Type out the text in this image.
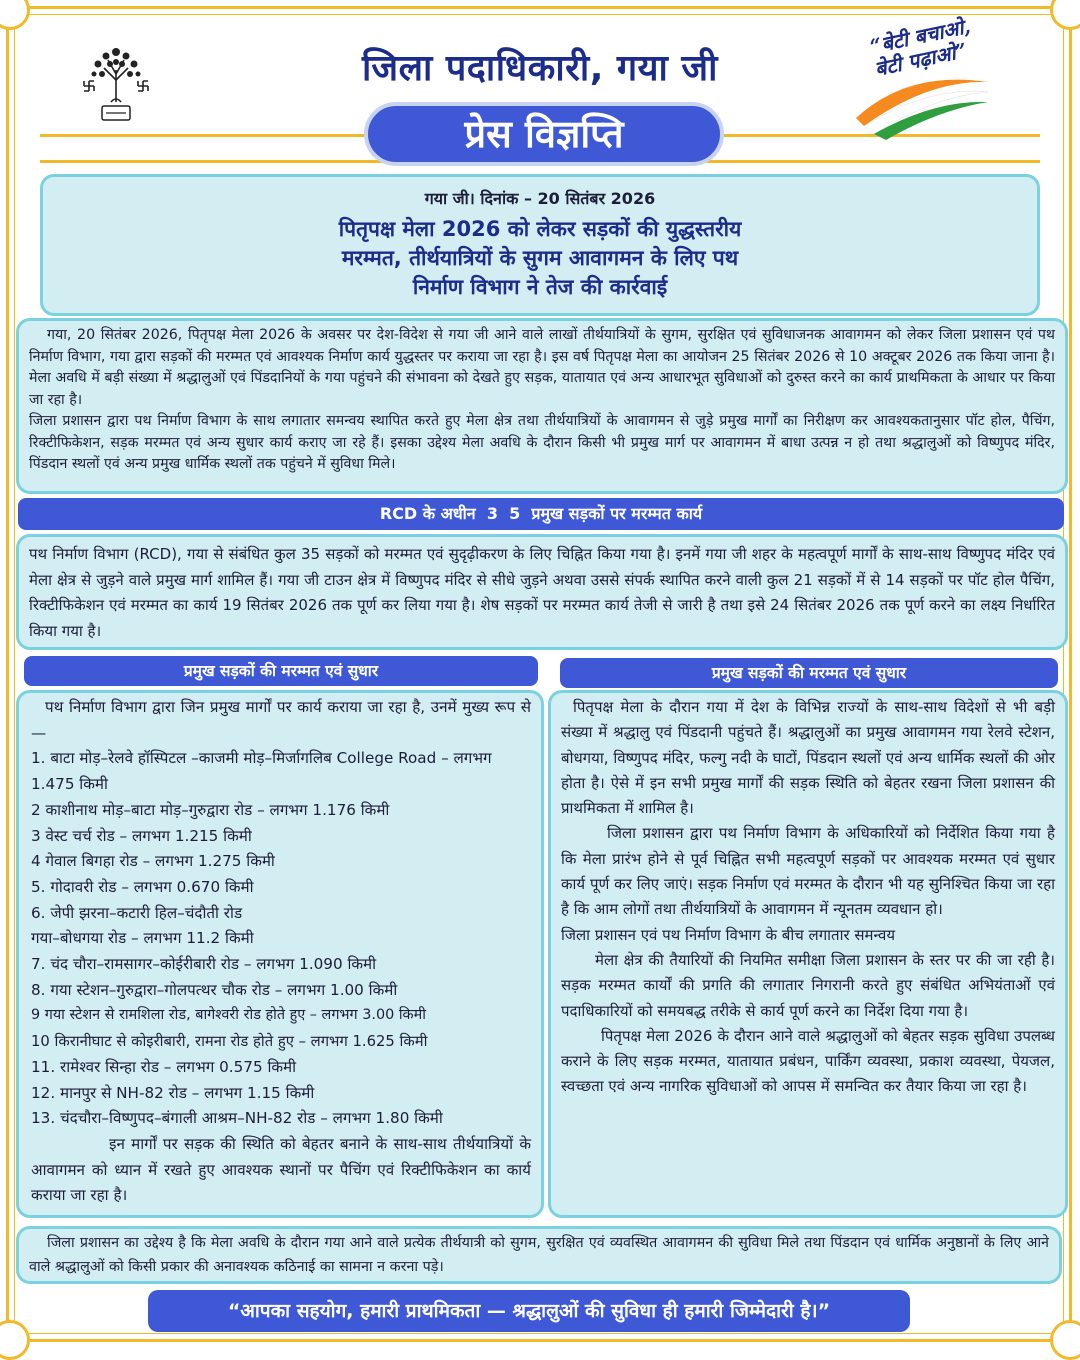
जिला पदाधिकारी, गया जी
प्रेस विज्ञप्ति
“बेटी बचाओ,
बेटी पढ़ाओ”
गया जी। दिनांक – 20 सितंबर 2026
पितृपक्ष मेला 2026 को लेकर सड़कों की युद्धस्तरीय
मरम्मत, तीर्थयात्रियों के सुगम आवागमन के लिए पथ
निर्माण विभाग ने तेज की कार्रवाई

गया, 20 सितंबर 2026, पितृपक्ष मेला 2026 के अवसर पर देश-विदेश से गया जी आने वाले लाखों तीर्थयात्रियों के सुगम, सुरक्षित एवं सुविधाजनक आवागमन को लेकर जिला प्रशासन एवं पथ निर्माण विभाग, गया द्वारा सड़कों की मरम्मत एवं आवश्यक निर्माण कार्य युद्धस्तर पर कराया जा रहा है। इस वर्ष पितृपक्ष मेला का आयोजन 25 सितंबर 2026 से 10 अक्टूबर 2026 तक किया जाना है। मेला अवधि में बड़ी संख्या में श्रद्धालुओं एवं पिंडदानियों के गया पहुंचने की संभावना को देखते हुए सड़क, यातायात एवं अन्य आधारभूत सुविधाओं को दुरुस्त करने का कार्य प्राथमिकता के आधार पर किया जा रहा है।

जिला प्रशासन द्वारा पथ निर्माण विभाग के साथ लगातार समन्वय स्थापित करते हुए मेला क्षेत्र तथा तीर्थयात्रियों के आवागमन से जुड़े प्रमुख मार्गों का निरीक्षण कर आवश्यकतानुसार पॉट होल, पैचिंग, रिक्टीफिकेशन, सड़क मरम्मत एवं अन्य सुधार कार्य कराए जा रहे हैं। इसका उद्देश्य मेला अवधि के दौरान किसी भी प्रमुख मार्ग पर आवागमन में बाधा उत्पन्न न हो तथा श्रद्धालुओं को विष्णुपद मंदिर, पिंडदान स्थलों एवं अन्य प्रमुख धार्मिक स्थलों तक पहुंचने में सुविधा मिले।

RCD के अधीन  3  5  प्रमुख सड़कों पर मरम्मत कार्य

पथ निर्माण विभाग (RCD), गया से संबंधित कुल 35 सड़कों को मरम्मत एवं सुदृढ़ीकरण के लिए चिह्नित किया गया है। इनमें गया जी शहर के महत्वपूर्ण मार्गों के साथ-साथ विष्णुपद मंदिर एवं मेला क्षेत्र से जुड़ने वाले प्रमुख मार्ग शामिल हैं। गया जी टाउन क्षेत्र में विष्णुपद मंदिर से सीधे जुड़ने अथवा उससे संपर्क स्थापित करने वाली कुल 21 सड़कों में से 14 सड़कों पर पॉट होल पैचिंग, रिक्टीफिकेशन एवं मरम्मत का कार्य 19 सितंबर 2026 तक पूर्ण कर लिया गया है। शेष सड़कों पर मरम्मत कार्य तेजी से जारी है तथा इसे 24 सितंबर 2026 तक पूर्ण करने का लक्ष्य निर्धारित किया गया है।

प्रमुख सड़कों की मरम्मत एवं सुधार

पथ निर्माण विभाग द्वारा जिन प्रमुख मार्गों पर कार्य कराया जा रहा है, उनमें मुख्य रूप से—

1. बाटा मोड़–रेलवे हॉस्पिटल –काजमी मोड़–मिर्जागलिब College Road – लगभग 1.475 किमी
2 काशीनाथ मोड़–बाटा मोड़–गुरुद्वारा रोड – लगभग 1.176 किमी
3 वेस्ट चर्च रोड – लगभग 1.215 किमी
4 गेवाल बिगहा रोड – लगभग 1.275 किमी
5. गोदावरी रोड – लगभग 0.670 किमी
6. जेपी झरना–कटारी हिल–चंदौती रोड
गया–बोधगया रोड – लगभग 11.2 किमी
7. चंद चौरा–रामसागर–कोईरीबारी रोड – लगभग 1.090 किमी
8. गया स्टेशन–गुरुद्वारा–गोलपत्थर चौक रोड – लगभग 1.00 किमी
9 गया स्टेशन से रामशिला रोड, बागेश्वरी रोड होते हुए – लगभग 3.00 किमी
10 किरानीघाट से कोइरीबारी, रामना रोड होते हुए – लगभग 1.625 किमी
11. रामेश्वर सिन्हा रोड – लगभग 0.575 किमी
12. मानपुर से NH-82 रोड – लगभग 1.15 किमी
13. चंदचौरा–विष्णुपद–बंगाली आश्रम–NH-82 रोड – लगभग 1.80 किमी

इन मार्गों पर सड़क की स्थिति को बेहतर बनाने के साथ-साथ तीर्थयात्रियों के आवागमन को ध्यान में रखते हुए आवश्यक स्थानों पर पैचिंग एवं रिक्टीफिकेशन का कार्य कराया जा रहा है।

प्रमुख सड़कों की मरम्मत एवं सुधार

पितृपक्ष मेला के दौरान गया में देश के विभिन्न राज्यों के साथ-साथ विदेशों से भी बड़ी संख्या में श्रद्धालु एवं पिंडदानी पहुंचते हैं। श्रद्धालुओं का प्रमुख आवागमन गया रेलवे स्टेशन, बोधगया, विष्णुपद मंदिर, फल्गु नदी के घाटों, पिंडदान स्थलों एवं अन्य धार्मिक स्थलों की ओर होता है। ऐसे में इन सभी प्रमुख मार्गों की सड़क स्थिति को बेहतर रखना जिला प्रशासन की प्राथमिकता में शामिल है।

जिला प्रशासन द्वारा पथ निर्माण विभाग के अधिकारियों को निर्देशित किया गया है कि मेला प्रारंभ होने से पूर्व चिह्नित सभी महत्वपूर्ण सड़कों पर आवश्यक मरम्मत एवं सुधार कार्य पूर्ण कर लिए जाएं। सड़क निर्माण एवं मरम्मत के दौरान भी यह सुनिश्चित किया जा रहा है कि आम लोगों तथा तीर्थयात्रियों के आवागमन में न्यूनतम व्यवधान हो।

जिला प्रशासन एवं पथ निर्माण विभाग के बीच लगातार समन्वय

मेला क्षेत्र की तैयारियों की नियमित समीक्षा जिला प्रशासन के स्तर पर की जा रही है। सड़क मरम्मत कार्यों की प्रगति की लगातार निगरानी करते हुए संबंधित अभियंताओं एवं पदाधिकारियों को समयबद्ध तरीके से कार्य पूर्ण करने का निर्देश दिया गया है।

पितृपक्ष मेला 2026 के दौरान आने वाले श्रद्धालुओं को बेहतर सड़क सुविधा उपलब्ध कराने के लिए सड़क मरम्मत, यातायात प्रबंधन, पार्किंग व्यवस्था, प्रकाश व्यवस्था, पेयजल, स्वच्छता एवं अन्य नागरिक सुविधाओं को आपस में समन्वित कर तैयार किया जा रहा है।

जिला प्रशासन का उद्देश्य है कि मेला अवधि के दौरान गया आने वाले प्रत्येक तीर्थयात्री को सुगम, सुरक्षित एवं व्यवस्थित आवागमन की सुविधा मिले तथा पिंडदान एवं धार्मिक अनुष्ठानों के लिए आने वाले श्रद्धालुओं को किसी प्रकार की अनावश्यक कठिनाई का सामना न करना पड़े।

“आपका सहयोग, हमारी प्राथमिकता — श्रद्धालुओं की सुविधा ही हमारी जिम्मेदारी है।”
